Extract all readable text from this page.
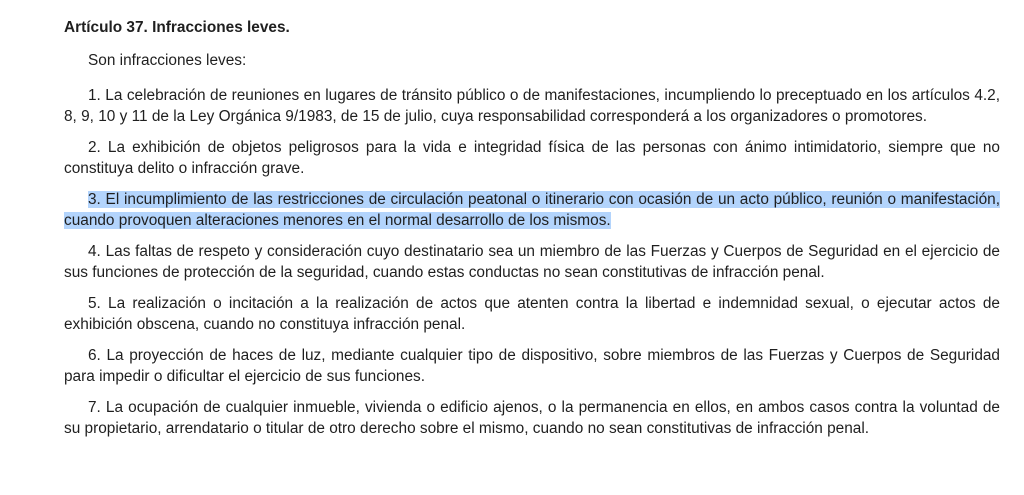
Artículo 37. Infracciones leves.

Son infracciones leves:

1. La celebración de reuniones en lugares de tránsito público o de manifestaciones, incumpliendo lo preceptuado en los artículos 4.2, 8, 9, 10 y 11 de la Ley Orgánica 9/1983, de 15 de julio, cuya responsabilidad corresponderá a los organizadores o promotores.

2. La exhibición de objetos peligrosos para la vida e integridad física de las personas con ánimo intimidatorio, siempre que no constituya delito o infracción grave.

3. El incumplimiento de las restricciones de circulación peatonal o itinerario con ocasión de un acto público, reunión o manifestación, cuando provoquen alteraciones menores en el normal desarrollo de los mismos.

4. Las faltas de respeto y consideración cuyo destinatario sea un miembro de las Fuerzas y Cuerpos de Seguridad en el ejercicio de sus funciones de protección de la seguridad, cuando estas conductas no sean constitutivas de infracción penal.

5. La realización o incitación a la realización de actos que atenten contra la libertad e indemnidad sexual, o ejecutar actos de exhibición obscena, cuando no constituya infracción penal.

6. La proyección de haces de luz, mediante cualquier tipo de dispositivo, sobre miembros de las Fuerzas y Cuerpos de Seguridad para impedir o dificultar el ejercicio de sus funciones.

7. La ocupación de cualquier inmueble, vivienda o edificio ajenos, o la permanencia en ellos, en ambos casos contra la voluntad de su propietario, arrendatario o titular de otro derecho sobre el mismo, cuando no sean constitutivas de infracción penal.
